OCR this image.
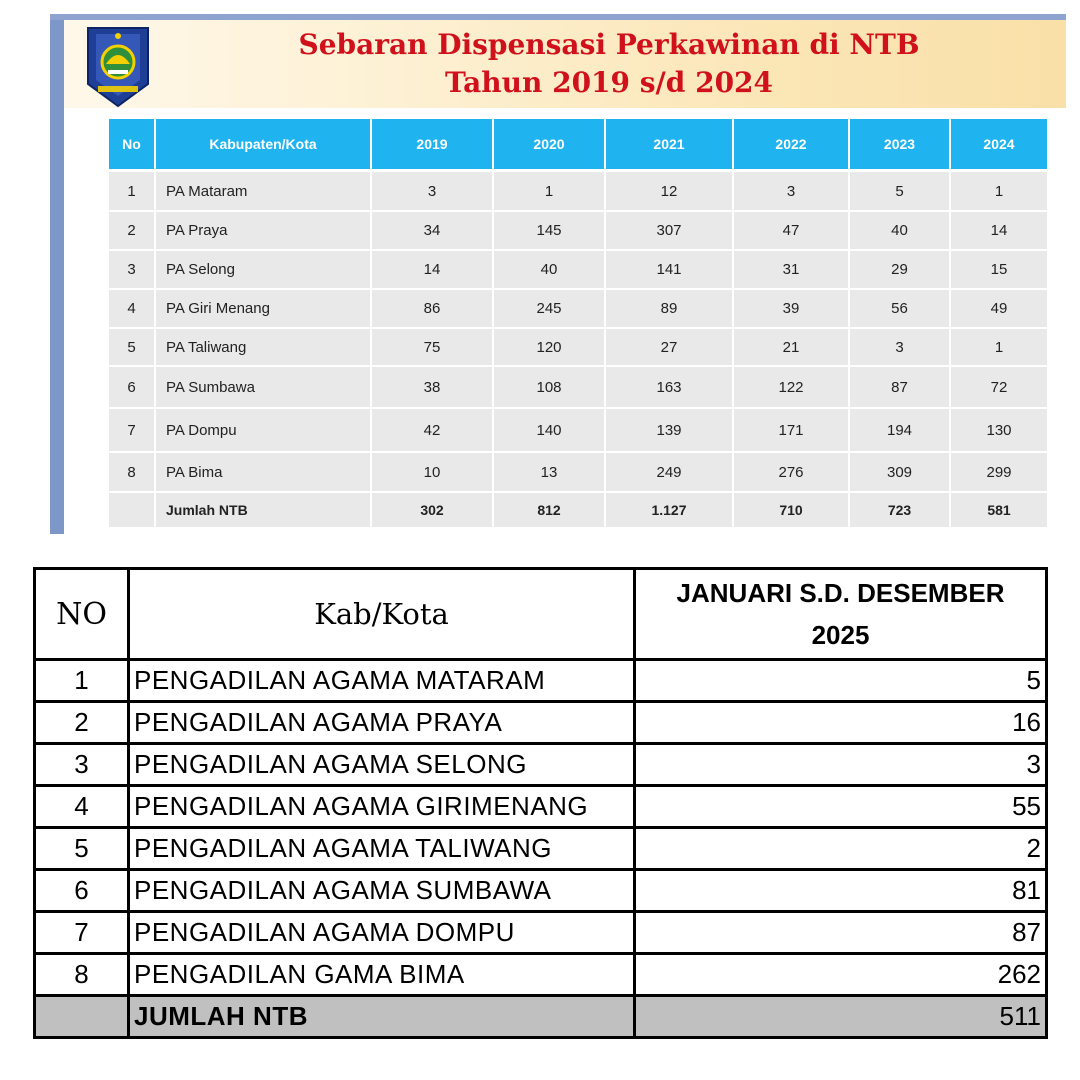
Sebaran Dispensasi Perkawinan di NTB
Tahun 2019 s/d 2024
No	Kabupaten/Kota	2019	2020	2021	2022	2023	2024

1	PA Mataram	3	1	12	3	5	1
2	PA Praya	34	145	307	47	40	14
3	PA Selong	14	40	141	31	29	15
4	PA Giri Menang	86	245	89	39	56	49
5	PA Taliwang	75	120	27	21	3	1
6	PA Sumbawa	38	108	163	122	87	72
7	PA Dompu	42	140	139	171	194	130
8	PA Bima	10	13	249	276	309	299
	Jumlah NTB	302	812	1.127	710	723	581
NO	Kab/Kota	JANUARI S.D. DESEMBER
2025

1	PENGADILAN AGAMA MATARAM	5
2	PENGADILAN AGAMA PRAYA	16
3	PENGADILAN AGAMA SELONG	3
4	PENGADILAN AGAMA GIRIMENANG	55
5	PENGADILAN AGAMA TALIWANG	2
6	PENGADILAN AGAMA SUMBAWA	81
7	PENGADILAN AGAMA DOMPU	87
8	PENGADILAN GAMA BIMA	262
	JUMLAH NTB	511
